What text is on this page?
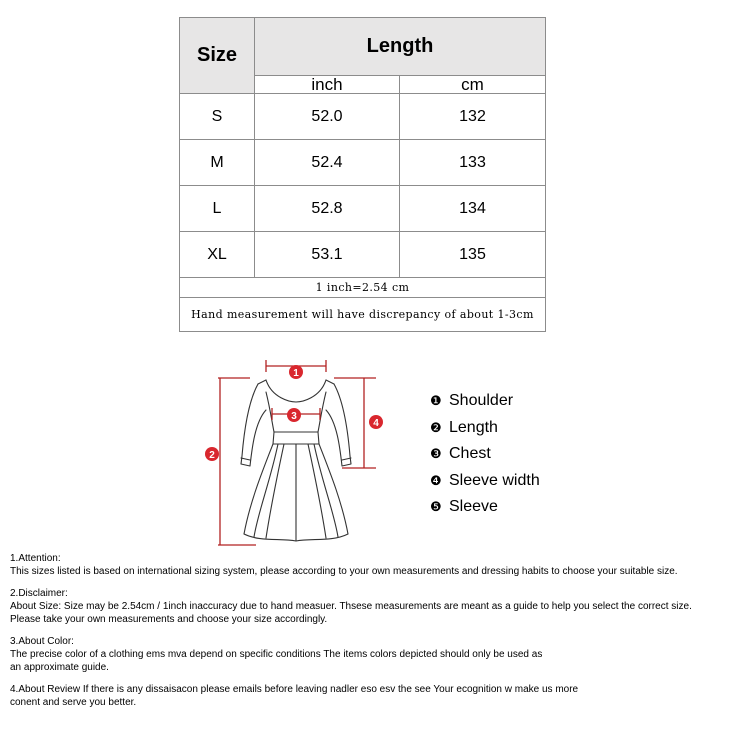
Size	Length	
	inch	cm
S	52.0	132
M	52.4	133
L	52.8	134
XL	53.1	135
1 inch=2.54 cm		
Hand measurement will have discrepancy of about 1-3cm		
1
3
2
4
❶ Shoulder
❷ Length
❸ Chest
❹ Sleeve width
❺ Sleeve

1.Attention:

This sizes listed is based on international sizing system, please according to your own measurements and dressing habits to choose your suitable size.

2.Disclaimer:

About Size: Size may be 2.54cm / 1inch inaccuracy due to hand measuer. Thsese measurements are meant as a guide to help you select the correct size.

Please take your own measurements and choose your size accordingly.

3.About Color:

The precise color of a clothing ems mva depend on specific conditions The items colors depicted should only be used as

an approximate guide.

4.About Review If there is any dissaisacon please emails before leaving nadler eso esv the see Your ecognition w make us more

conent and serve you better.
